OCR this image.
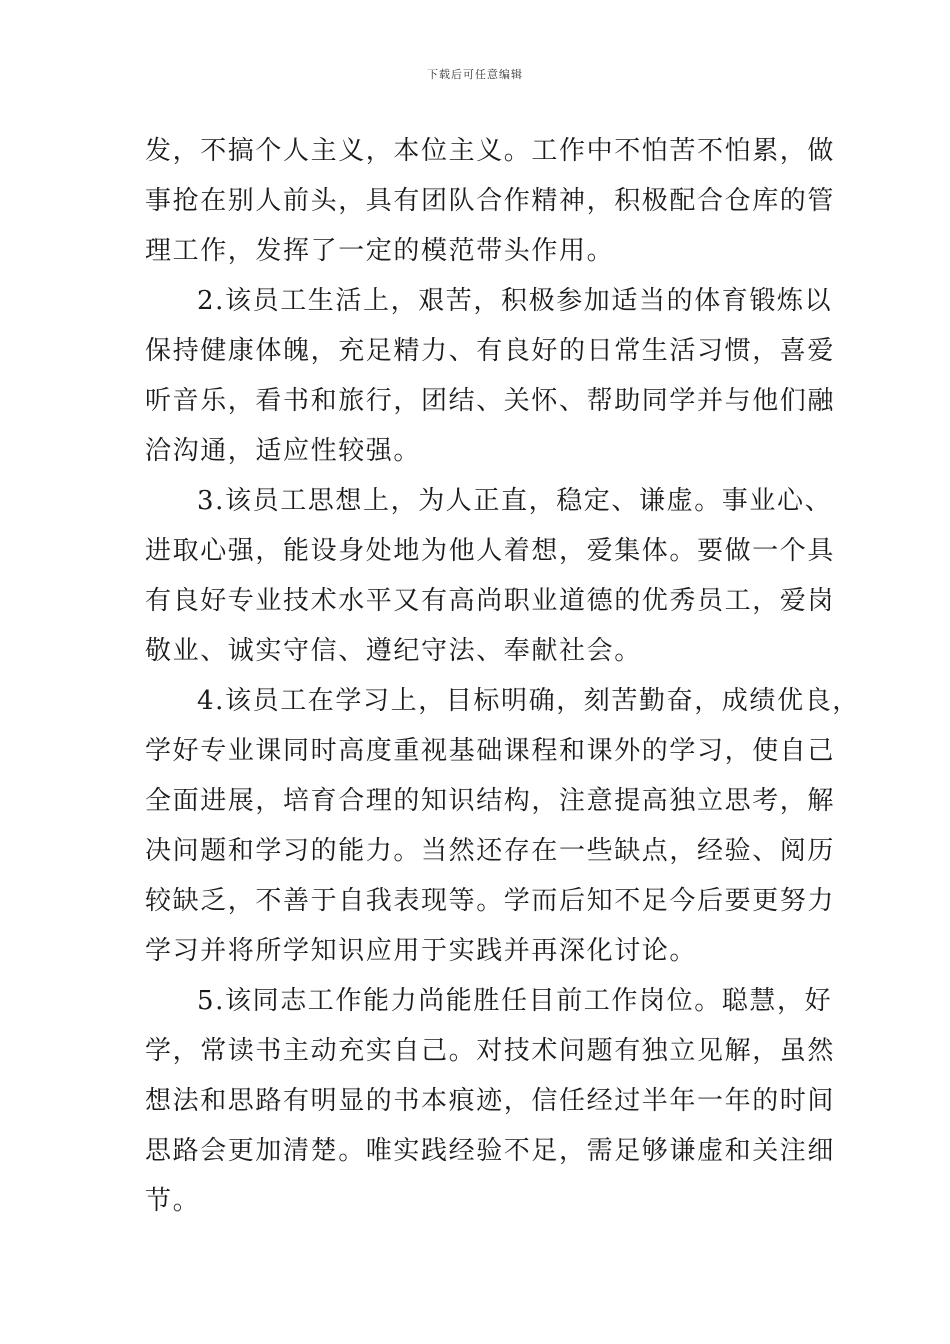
下载后可任意编辑
发，不搞个人主义，本位主义。工作中不怕苦不怕累，做
事抢在别人前头，具有团队合作精神，积极配合仓库的管
理工作，发挥了一定的模范带头作用。
2.该员工生活上，艰苦，积极参加适当的体育锻炼以
保持健康体魄，充足精力、有良好的日常生活习惯，喜爱
听音乐，看书和旅行，团结、关怀、帮助同学并与他们融
洽沟通，适应性较强。
3.该员工思想上，为人正直，稳定、谦虚。事业心、
进取心强，能设身处地为他人着想，爱集体。要做一个具
有良好专业技术水平又有高尚职业道德的优秀员工，爱岗
敬业、诚实守信、遵纪守法、奉献社会。
4.该员工在学习上，目标明确，刻苦勤奋，成绩优良，
学好专业课同时高度重视基础课程和课外的学习，使自己
全面进展，培育合理的知识结构，注意提高独立思考，解
决问题和学习的能力。当然还存在一些缺点，经验、阅历
较缺乏，不善于自我表现等。学而后知不足今后要更努力
学习并将所学知识应用于实践并再深化讨论。
5.该同志工作能力尚能胜任目前工作岗位。聪慧，好
学，常读书主动充实自己。对技术问题有独立见解，虽然
想法和思路有明显的书本痕迹，信任经过半年一年的时间
思路会更加清楚。唯实践经验不足，需足够谦虚和关注细
节。
